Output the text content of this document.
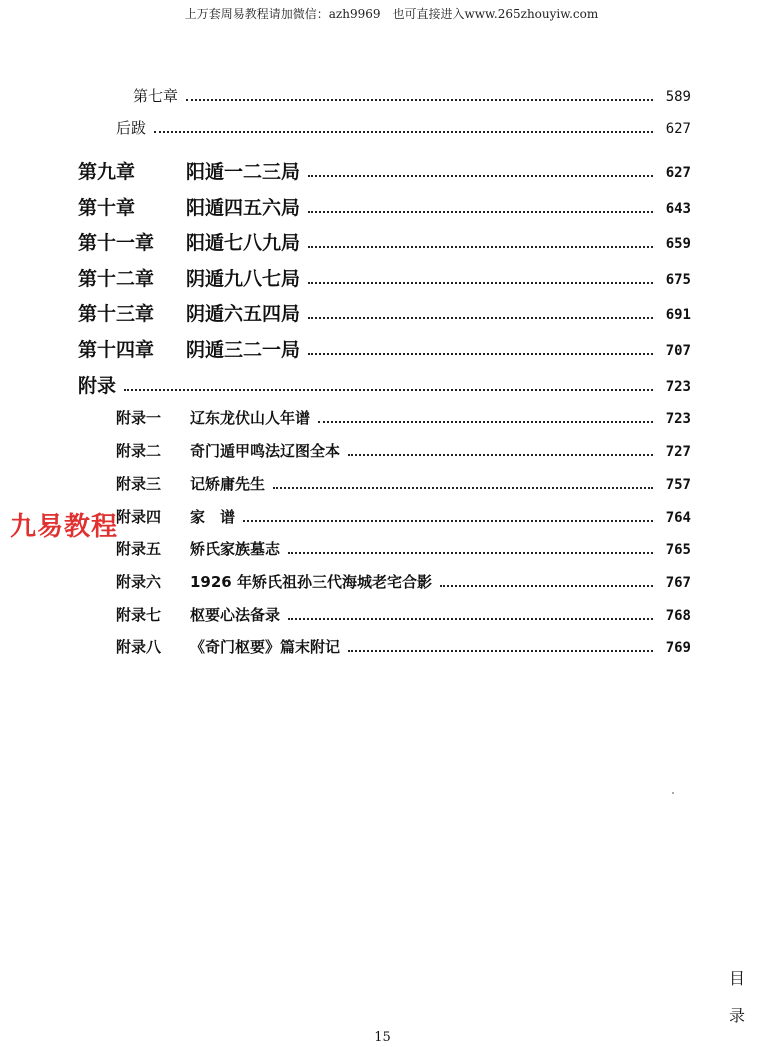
上万套周易教程请加微信：azh9969　也可直接进入www.265zhouyiw.com
第七章	589
后跋	627
第九章	阳遁一二三局	627
第十章	阳遁四五六局	643
第十一章 阳遁七八九局	659
第十二章 阴遁九八七局	675
第十三章 阴遁六五四局	691
第十四章 阴遁三二一局	707
附录	723
附录一 辽东龙伏山人年谱	723
附录二 奇门遁甲鸣法辽图全本	727
附录三 记矫庸先生	757
附录四 家　谱	764
附录五 矫氏家族墓志	765
附录六 1926 年矫氏祖孙三代海城老宅合影	767
附录七 枢要心法备录	768
附录八 《奇门枢要》篇末附记	769
九易教程
目
录
15
